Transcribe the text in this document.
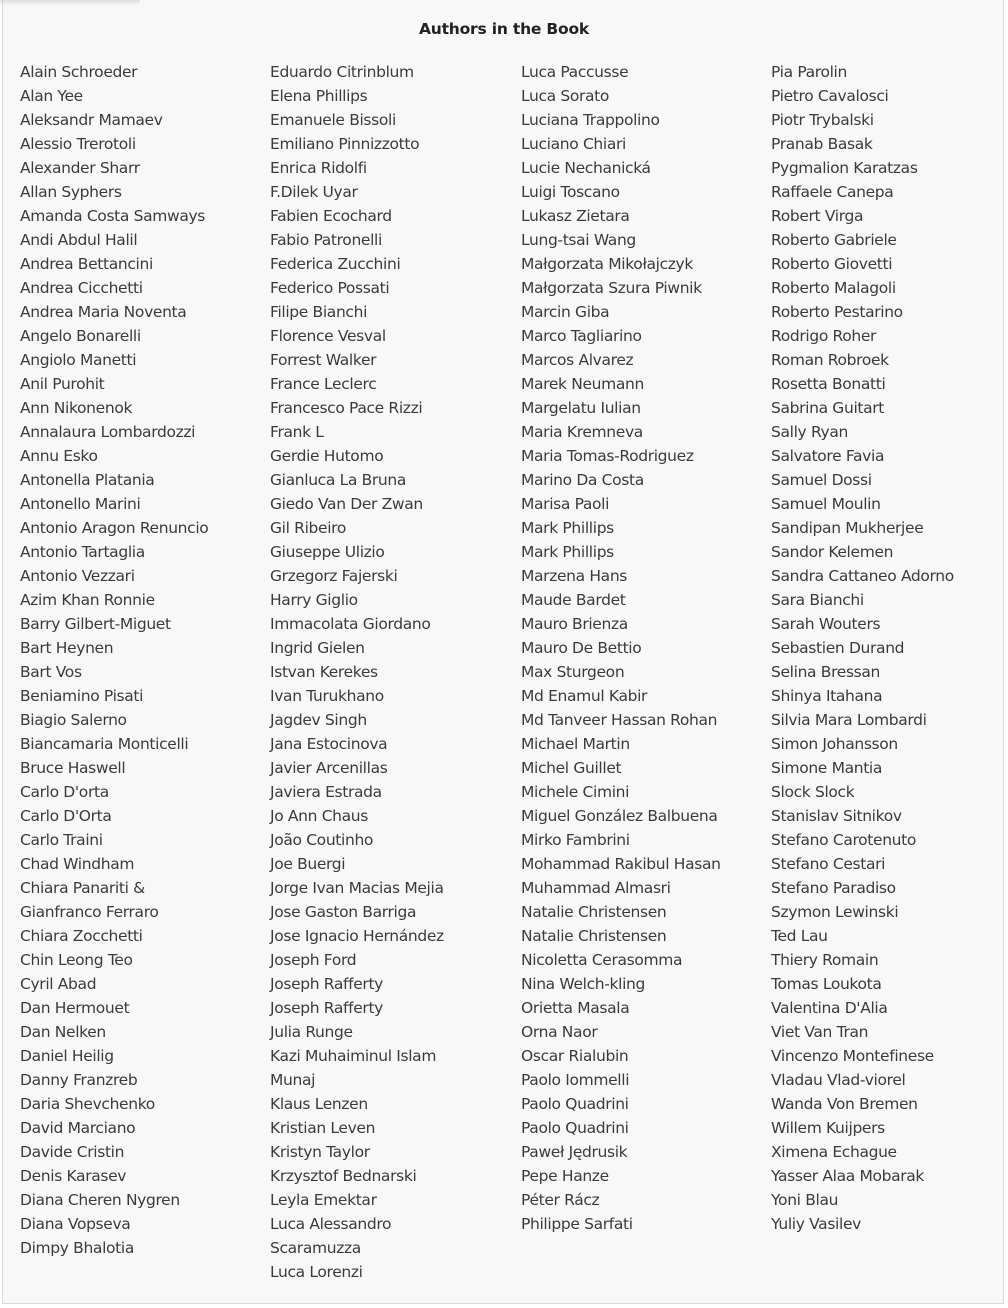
Authors in the Book
Alain Schroeder
Alan Yee
Aleksandr Mamaev
Alessio Trerotoli
Alexander Sharr
Allan Syphers
Amanda Costa Samways
Andi Abdul Halil
Andrea Bettancini
Andrea Cicchetti
Andrea Maria Noventa
Angelo Bonarelli
Angiolo Manetti
Anil Purohit
Ann Nikonenok
Annalaura Lombardozzi
Annu Esko
Antonella Platania
Antonello Marini
Antonio Aragon Renuncio
Antonio Tartaglia
Antonio Vezzari
Azim Khan Ronnie
Barry Gilbert-Miguet
Bart Heynen
Bart Vos
Beniamino Pisati
Biagio Salerno
Biancamaria Monticelli
Bruce Haswell
Carlo D'orta
Carlo D'Orta
Carlo Traini
Chad Windham
Chiara Panariti &
Gianfranco Ferraro
Chiara Zocchetti
Chin Leong Teo
Cyril Abad
Dan Hermouet
Dan Nelken
Daniel Heilig
Danny Franzreb
Daria Shevchenko
David Marciano
Davide Cristin
Denis Karasev
Diana Cheren Nygren
Diana Vopseva
Dimpy Bhalotia
Eduardo Citrinblum
Elena Phillips
Emanuele Bissoli
Emiliano Pinnizzotto
Enrica Ridolfi
F.Dilek Uyar
Fabien Ecochard
Fabio Patronelli
Federica Zucchini
Federico Possati
Filipe Bianchi
Florence Vesval
Forrest Walker
France Leclerc
Francesco Pace Rizzi
Frank L
Gerdie Hutomo
Gianluca La Bruna
Giedo Van Der Zwan
Gil Ribeiro
Giuseppe Ulizio
Grzegorz Fajerski
Harry Giglio
Immacolata Giordano
Ingrid Gielen
Istvan Kerekes
Ivan Turukhano
Jagdev Singh
Jana Estocinova
Javier Arcenillas
Javiera Estrada
Jo Ann Chaus
João Coutinho
Joe Buergi
Jorge Ivan Macias Mejia
Jose Gaston Barriga
Jose Ignacio Hernández
Joseph Ford
Joseph Rafferty
Joseph Rafferty
Julia Runge
Kazi Muhaiminul Islam
Munaj
Klaus Lenzen
Kristian Leven
Kristyn Taylor
Krzysztof Bednarski
Leyla Emektar
Luca Alessandro
Scaramuzza
Luca Lorenzi
Luca Paccusse
Luca Sorato
Luciana Trappolino
Luciano Chiari
Lucie Nechanická
Luigi Toscano
Lukasz Zietara
Lung-tsai Wang
Małgorzata Mikołajczyk
Małgorzata Szura Piwnik
Marcin Giba
Marco Tagliarino
Marcos Alvarez
Marek Neumann
Margelatu Iulian
Maria Kremneva
Maria Tomas-Rodriguez
Marino Da Costa
Marisa Paoli
Mark Phillips
Mark Phillips
Marzena Hans
Maude Bardet
Mauro Brienza
Mauro De Bettio
Max Sturgeon
Md Enamul Kabir
Md Tanveer Hassan Rohan
Michael Martin
Michel Guillet
Michele Cimini
Miguel González Balbuena
Mirko Fambrini
Mohammad Rakibul Hasan
Muhammad Almasri
Natalie Christensen
Natalie Christensen
Nicoletta Cerasomma
Nina Welch-kling
Orietta Masala
Orna Naor
Oscar Rialubin
Paolo Iommelli
Paolo Quadrini
Paolo Quadrini
Paweł Jędrusik
Pepe Hanze
Péter Rácz
Philippe Sarfati
Pia Parolin
Pietro Cavalosci
Piotr Trybalski
Pranab Basak
Pygmalion Karatzas
Raffaele Canepa
Robert Virga
Roberto Gabriele
Roberto Giovetti
Roberto Malagoli
Roberto Pestarino
Rodrigo Roher
Roman Robroek
Rosetta Bonatti
Sabrina Guitart
Sally Ryan
Salvatore Favia
Samuel Dossi
Samuel Moulin
Sandipan Mukherjee
Sandor Kelemen
Sandra Cattaneo Adorno
Sara Bianchi
Sarah Wouters
Sebastien Durand
Selina Bressan
Shinya Itahana
Silvia Mara Lombardi
Simon Johansson
Simone Mantia
Slock Slock
Stanislav Sitnikov
Stefano Carotenuto
Stefano Cestari
Stefano Paradiso
Szymon Lewinski
Ted Lau
Thiery Romain
Tomas Loukota
Valentina D'Alia
Viet Van Tran
Vincenzo Montefinese
Vladau Vlad-viorel
Wanda Von Bremen
Willem Kuijpers
Ximena Echague
Yasser Alaa Mobarak
Yoni Blau
Yuliy Vasilev
